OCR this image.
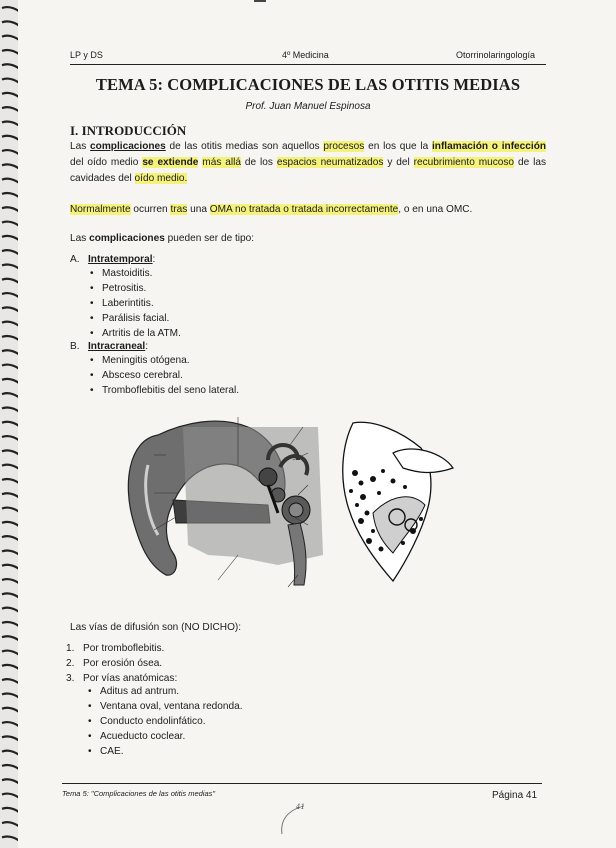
LP y DS	4º Medicina	Otorrinolaringología
TEMA 5: COMPLICACIONES DE LAS OTITIS MEDIAS
Prof. Juan Manuel Espinosa
I. INTRODUCCIÓN
Las complicaciones de las otitis medias son aquellos procesos en los que la inflamación o infección del oído medio se extiende más allá de los espacios neumatizados y del recubrimiento mucoso de las cavidades del oído medio.
Normalmente ocurren tras una OMA no tratada o tratada incorrectamente, o en una OMC.
Las complicaciones pueden ser de tipo:
A. Intratemporal:
• Mastoiditis.
• Petrositis.
• Laberintitis.
• Parálisis facial.
• Artritis de la ATM.
B. Intracraneal:
• Meningitis otógena.
• Absceso cerebral.
• Tromboflebitis del seno lateral.
Las vías de difusión son (NO DICHO):
1. Por tromboflebitis.
2. Por erosión ósea.
3. Por vías anatómicas:
• Aditus ad antrum.
• Ventana oval, ventana redonda.
• Conducto endolinfático.
• Acueducto coclear.
• CAE.
Tema 5: "Complicaciones de las otitis medias"	Página 41
41
